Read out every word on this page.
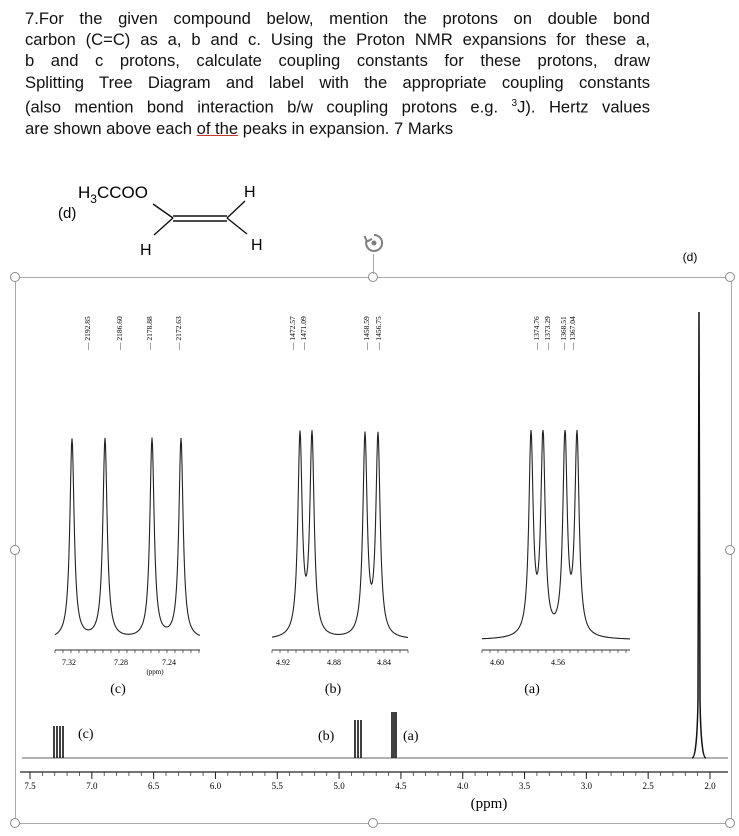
7.For the given compound below, mention the protons on double bond
carbon (C=C) as a, b and c. Using the Proton NMR expansions for these a,
b and c protons, calculate coupling constants for these protons, draw
Splitting Tree Diagram and label with the appropriate coupling constants
(also mention bond interaction b/w coupling protons e.g. $^3$J). Hertz values
are shown above each of the peaks in expansion. 7 Marks
$H_3CCOO$
(d)
H
H
H
7.32	7.28	7.24
(ppm)
(c)
— 2192.85	— 2186.60	— 2178.88	— 2172.63
4.92	4.88	4.84
(b)
— 1472.57 — 1471.09	— 1458.59 — 1456.75
4.60	4.56
(a)
— 1374.76 — 1373.29 — 1368.51 — 1367.04
7.5	7.0	6.5	6.0	5.5	5.0	4.5	4.0	3.5	3.0	2.5	2.0
(ppm)
(c)	(b)	(a)
(d)
